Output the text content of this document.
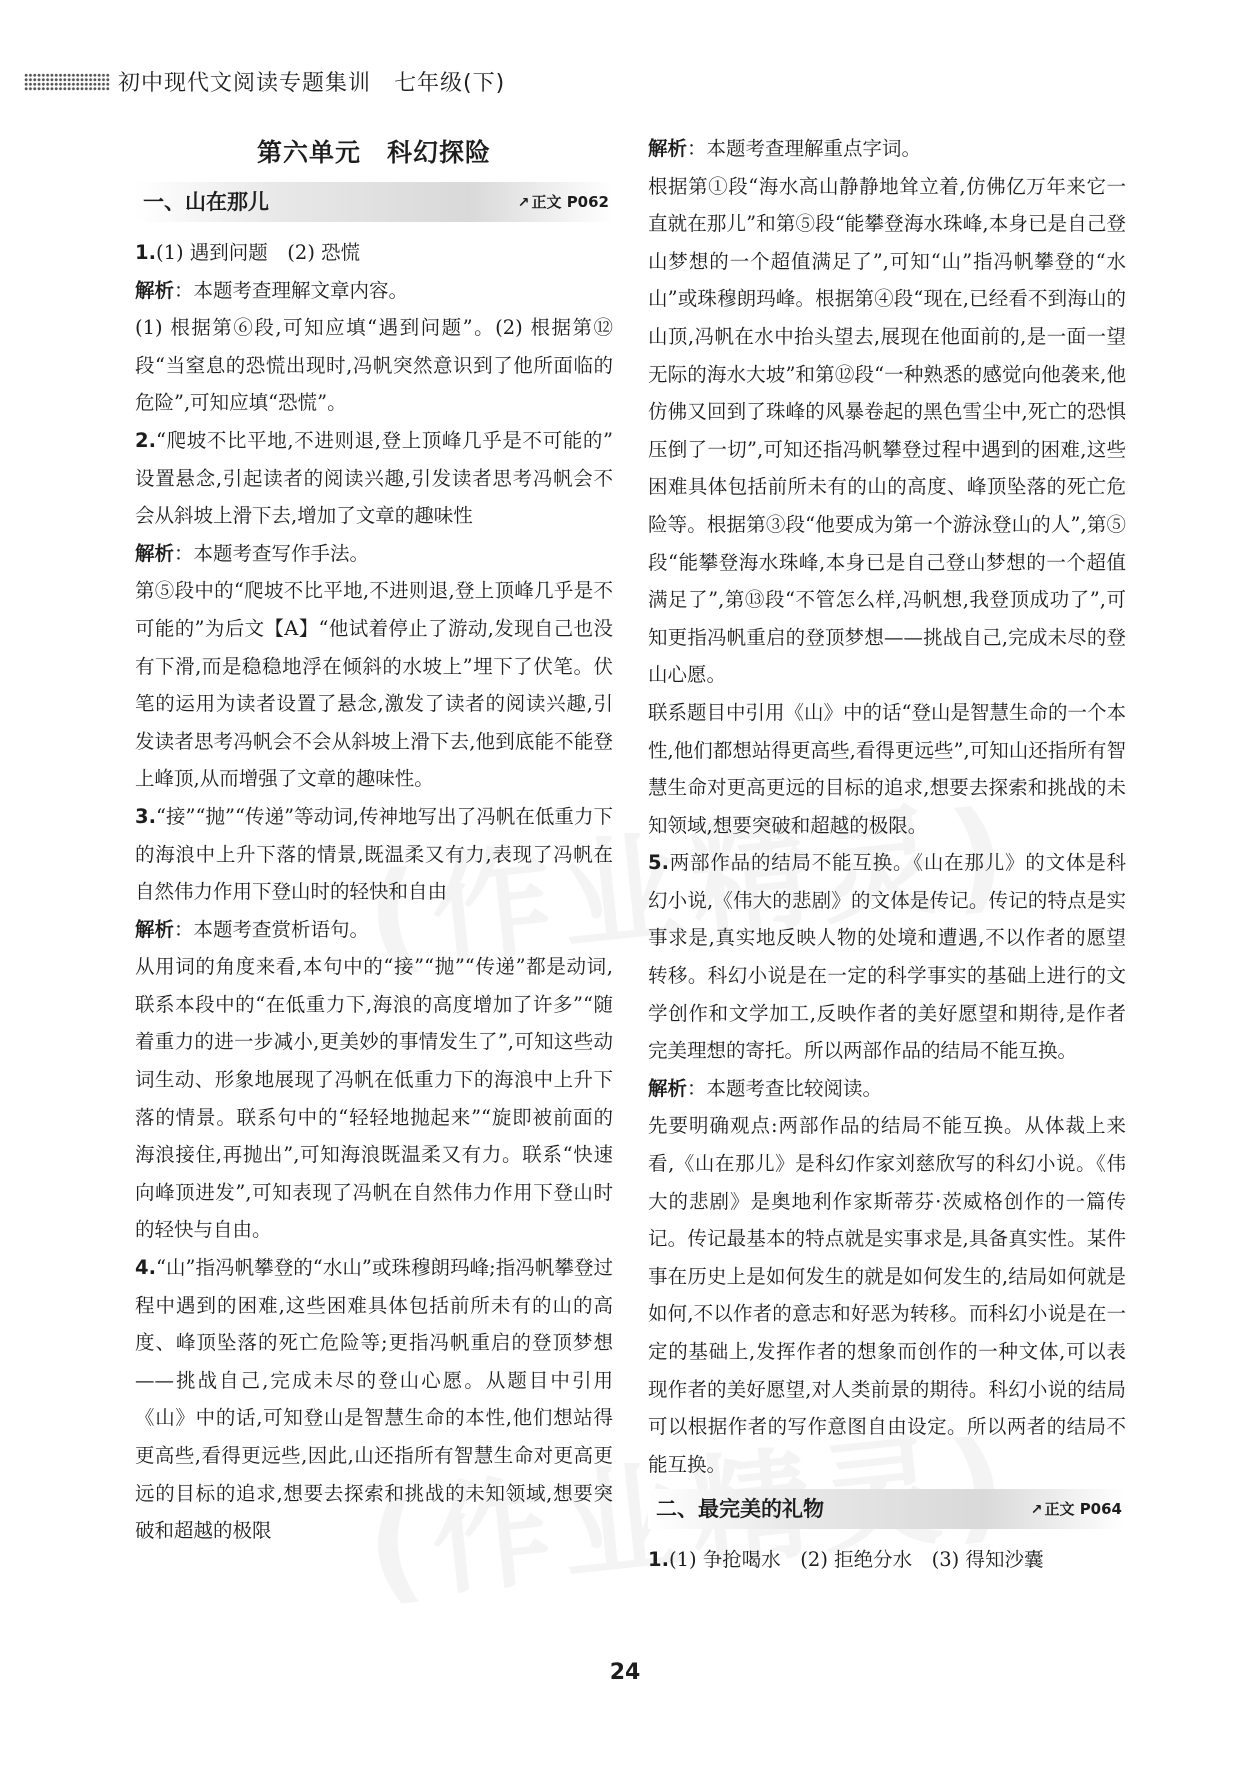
初中现代文阅读专题集训　七年级(下)
第六单元　科幻探险
一、山在那儿	↗ 正文 P062

1.(1) 遇到问题　(2) 恐慌

解析：本题考查理解文章内容。

(1) 根据第⑥段,可知应填“遇到问题”。(2) 根据第⑫段“当窒息的恐慌出现时,冯帆突然意识到了他所面临的危险”,可知应填“恐慌”。

2.“爬坡不比平地,不进则退,登上顶峰几乎是不可能的”　设置悬念,引起读者的阅读兴趣,引发读者思考冯帆会不会从斜坡上滑下去,增加了文章的趣味性

解析：本题考查写作手法。

第⑤段中的“爬坡不比平地,不进则退,登上顶峰几乎是不可能的”为后文【A】“他试着停止了游动,发现自己也没有下滑,而是稳稳地浮在倾斜的水坡上”埋下了伏笔。伏笔的运用为读者设置了悬念,激发了读者的阅读兴趣,引发读者思考冯帆会不会从斜坡上滑下去,他到底能不能登上峰顶,从而增强了文章的趣味性。

3.“接”“抛”“传递”等动词,传神地写出了冯帆在低重力下的海浪中上升下落的情景,既温柔又有力,表现了冯帆在自然伟力作用下登山时的轻快和自由

解析：本题考查赏析语句。

从用词的角度来看,本句中的“接”“抛”“传递”都是动词,联系本段中的“在低重力下,海浪的高度增加了许多”“随着重力的进一步减小,更美妙的事情发生了”,可知这些动词生动、形象地展现了冯帆在低重力下的海浪中上升下落的情景。联系句中的“轻轻地抛起来”“旋即被前面的海浪接住,再抛出”,可知海浪既温柔又有力。联系“快速向峰顶进发”,可知表现了冯帆在自然伟力作用下登山时的轻快与自由。

4.“山”指冯帆攀登的“水山”或珠穆朗玛峰;指冯帆攀登过程中遇到的困难,这些困难具体包括前所未有的山的高度、峰顶坠落的死亡危险等;更指冯帆重启的登顶梦想——挑战自己,完成未尽的登山心愿。从题目中引用《山》中的话,可知登山是智慧生命的本性,他们想站得更高些,看得更远些,因此,山还指所有智慧生命对更高更远的目标的追求,想要去探索和挑战的未知领域,想要突破和超越的极限

解析：本题考查理解重点字词。

根据第①段“海水高山静静地耸立着,仿佛亿万年来它一直就在那儿”和第⑤段“能攀登海水珠峰,本身已是自己登山梦想的一个超值满足了”,可知“山”指冯帆攀登的“水山”或珠穆朗玛峰。根据第④段“现在,已经看不到海山的山顶,冯帆在水中抬头望去,展现在他面前的,是一面一望无际的海水大坡”和第⑫段“一种熟悉的感觉向他袭来,他仿佛又回到了珠峰的风暴卷起的黑色雪尘中,死亡的恐惧压倒了一切”,可知还指冯帆攀登过程中遇到的困难,这些困难具体包括前所未有的山的高度、峰顶坠落的死亡危险等。根据第③段“他要成为第一个游泳登山的人”,第⑤段“能攀登海水珠峰,本身已是自己登山梦想的一个超值满足了”,第⑬段“不管怎么样,冯帆想,我登顶成功了”,可知更指冯帆重启的登顶梦想——挑战自己,完成未尽的登山心愿。

联系题目中引用《山》中的话“登山是智慧生命的一个本性,他们都想站得更高些,看得更远些”,可知山还指所有智慧生命对更高更远的目标的追求,想要去探索和挑战的未知领域,想要突破和超越的极限。

5.两部作品的结局不能互换。《山在那儿》的文体是科幻小说,《伟大的悲剧》的文体是传记。传记的特点是实事求是,真实地反映人物的处境和遭遇,不以作者的愿望转移。科幻小说是在一定的科学事实的基础上进行的文学创作和文学加工,反映作者的美好愿望和期待,是作者完美理想的寄托。所以两部作品的结局不能互换。

解析：本题考查比较阅读。

先要明确观点:两部作品的结局不能互换。从体裁上来看,《山在那儿》是科幻作家刘慈欣写的科幻小说。《伟大的悲剧》是奥地利作家斯蒂芬·茨威格创作的一篇传记。传记最基本的特点就是实事求是,具备真实性。某件事在历史上是如何发生的就是如何发生的,结局如何就是如何,不以作者的意志和好恶为转移。而科幻小说是在一定的基础上,发挥作者的想象而创作的一种文体,可以表现作者的美好愿望,对人类前景的期待。科幻小说的结局可以根据作者的写作意图自由设定。所以两者的结局不能互换。

二、最完美的礼物	↗ 正文 P064

1.(1) 争抢喝水　(2) 拒绝分水　(3) 得知沙囊

24
